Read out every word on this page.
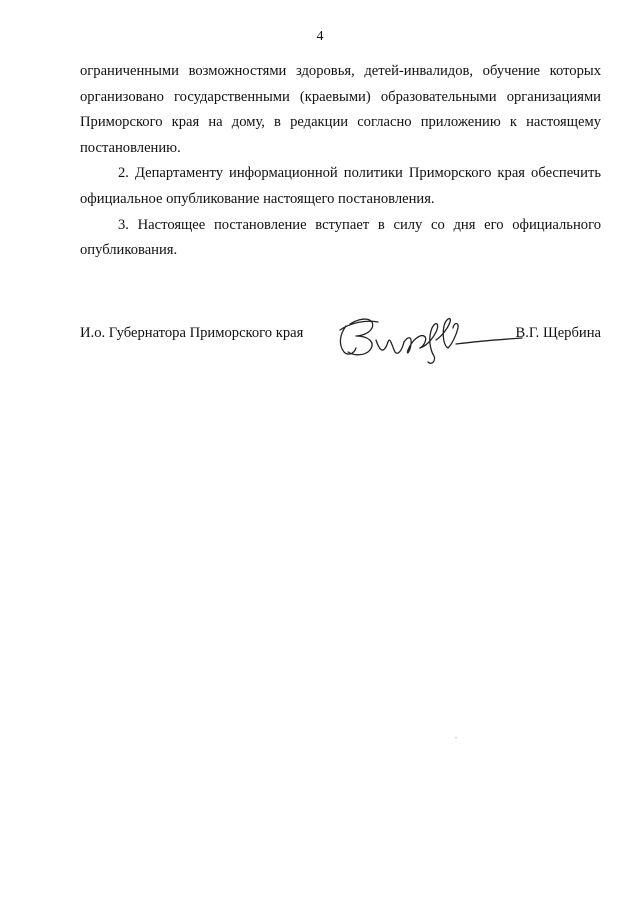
4

ограниченными возможностями здоровья, детей-инвалидов, обучение которых организовано государственными (краевыми) образовательными организациями Приморского края на дому, в редакции согласно приложению к настоящему постановлению.

2. Департаменту информационной политики Приморского края обеспечить официальное опубликование настоящего постановления.

3. Настоящее постановление вступает в силу со дня его официального опубликования.

И.о. Губернатора Приморского края	В.Г. Щербина
